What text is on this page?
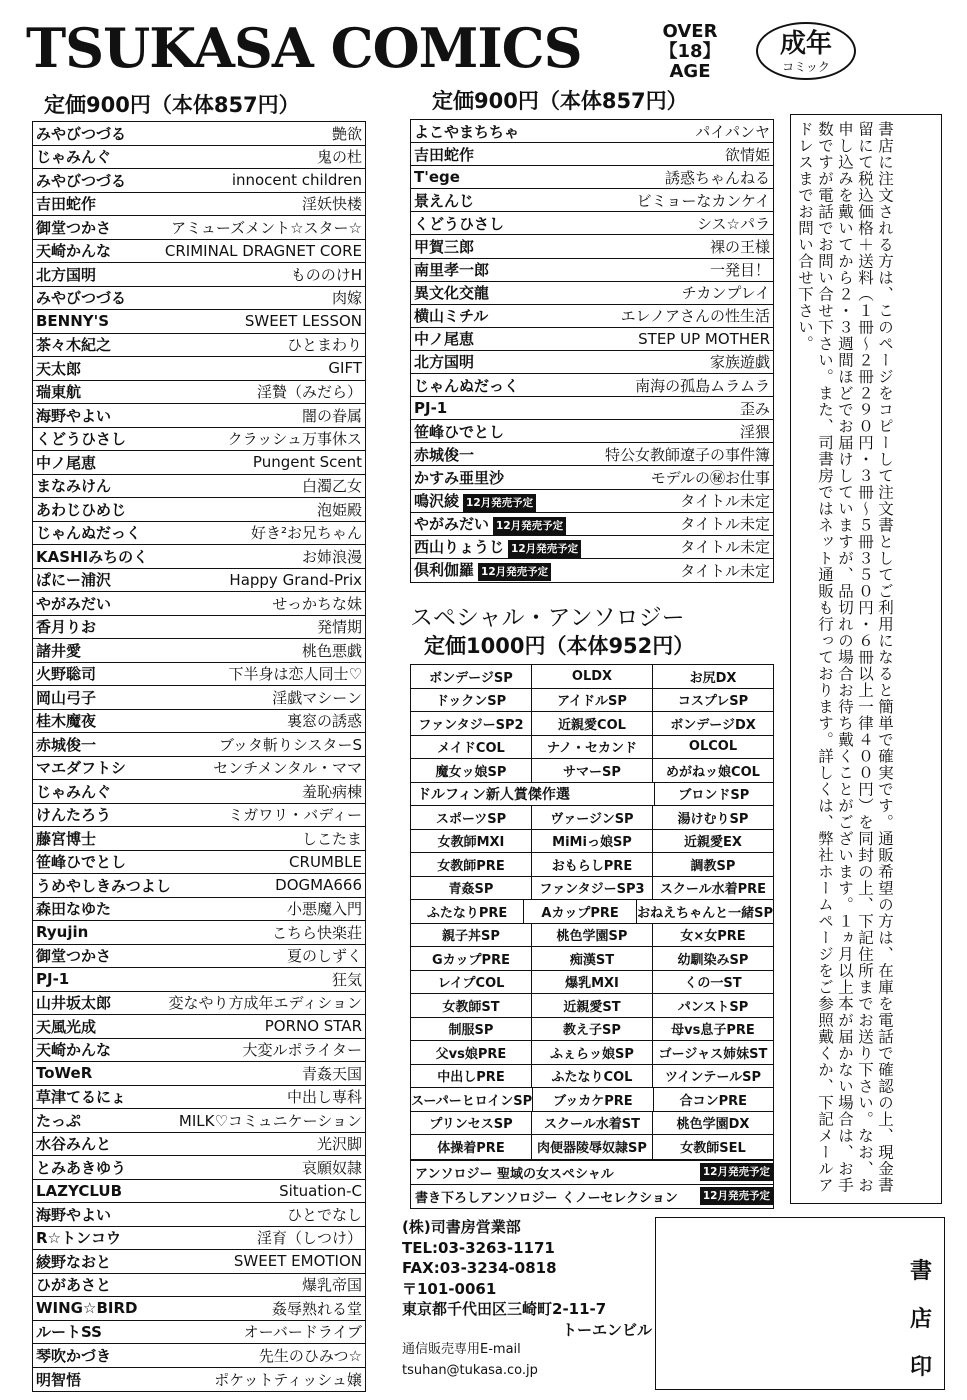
TSUKASA COMICS	OVER
【18】
AGE
成年
コミック
定価900円（本体857円）	定価900円（本体857円）
みやびつづる	艶欲
じゃみんぐ	鬼の杜
みやびつづる	innocent children
吉田蛇作	淫妖快楼
御堂つかさ	アミューズメント☆スター☆
天崎かんな	CRIMINAL DRAGNET CORE
北方国明	もののけH
みやびつづる	肉嫁
BENNY'S	SWEET LESSON
茶々木紀之	ひとまわり
天太郎	GIFT
瑞東航	淫贄（みだら）
海野やよい	闇の眷属
くどうひさし	クラッシュ万事休ス
中ノ尾恵	Pungent Scent
まなみけん	白濁乙女
あわじひめじ	泡姫殿
じゃんぬだっく	好き²お兄ちゃん
KASHIみちのく	お姉浪漫
ぱにー浦沢	Happy Grand-Prix
やがみだい	せっかちな妹
香月りお	発情期
諸井愛	桃色悪戯
火野聡司	下半身は恋人同士♡
岡山弓子	淫戯マシーン
桂木魔夜	裏窓の誘惑
赤城俊一	ブッタ斬りシスターS
マエダフトシ	センチメンタル・ママ
じゃみんぐ	羞恥病棟
けんたろう	ミガワリ・バディー
藤宮博士	しこたま
笹峰ひでとし	CRUMBLE
うめやしきみつよし	DOGMA666
森田なゆた	小悪魔入門
Ryujin	こちら快楽荘
御堂つかさ	夏のしずく
PJ-1	狂気
山井坂太郎	変なやり方成年エディション
天風光成	PORNO STAR
天崎かんな	大変ルポライター
ToWeR	青姦天国
草津てるにょ	中出し専科
たっぷ	MILK♡コミュニケーション
水谷みんと	光沢脚
とみあきゆう	哀願奴隷
LAZYCLUB	Situation-C
海野やよい	ひとでなし
R☆トンコウ	淫育（しつけ）
綾野なおと	SWEET EMOTION
ひがあさと	爆乳帝国
WING☆BIRD	姦辱熟れる堂
ルートSS	オーバードライブ
琴吹かづき	先生のひみつ☆
明智悟	ポケットティッシュ嬢
よこやまちちゃ	パイパンヤ
吉田蛇作	欲情姫
T'ege	誘惑ちゃんねる
景えんじ	ビミョーなカンケイ
くどうひさし	シス☆パラ
甲賀三郎	裸の王様
南里孝一郎	一発目！
異文化交龍	チカンプレイ
横山ミチル	エレノアさんの性生活
中ノ尾恵	STEP UP MOTHER
北方国明	家族遊戯
じゃんぬだっく	南海の孤島ムラムラ
PJ-1	歪み
笹峰ひでとし	淫猥
赤城俊一	特公女教師遼子の事件簿
かすみ亜里沙	モデルの㊙お仕事
鳴沢綾 12月発売予定	タイトル未定
やがみだい 12月発売予定	タイトル未定
西山りょうじ 12月発売予定	タイトル未定
倶利伽羅 12月発売予定	タイトル未定
スペシャル・アンソロジー
定価1000円（本体952円）
ボンデージSP	OLDX	お尻DX
ドックンSP	アイドルSP	コスプレSP
ファンタジーSP2	近親愛COL	ボンデージDX
メイドCOL	ナノ・セカンド	OLCOL
魔女ッ娘SP	サマーSP	めがねッ娘COL
ドルフィン新人賞傑作選	ブロンドSP
スポーツSP	ヴァージンSP	湯けむりSP
女教師MXI	MiMiっ娘SP	近親愛EX
女教師PRE	おもらしPRE	調教SP
青姦SP	ファンタジーSP3	スクール水着PRE
ふたなりPRE	AカップPRE	おねえちゃんと一緒SP
親子丼SP	桃色学園SP	女×女PRE
GカップPRE	痴漢ST	幼馴染みSP
レイプCOL	爆乳MXI	くの一ST
女教師ST	近親愛ST	パンストSP
制服SP	教え子SP	母vs息子PRE
父vs娘PRE	ふぇらッ娘SP	ゴージャス姉妹ST
中出しPRE	ふたなりCOL	ツインテールSP
スーパーヒロインSP	ブッカケPRE	合コンPRE
プリンセスSP	スクール水着ST	桃色学園DX
体操着PRE	肉便器陵辱奴隷SP	女教師SEL
アンソロジー 聖域の女スペシャル	12月発売予定
書き下ろしアンソロジー くノーセレクション	12月発売予定
(株)司書房営業部
TEL:03-3263-1171
FAX:03-3234-0818
〒101-0061
東京都千代田区三崎町2-11-7
トーエンビル
通信販売専用E-mail
tsuhan@tukasa.co.jp
書店印
書店に注文される方は、このページをコピーして注文書としてご利用になると簡単で確実です。通販希望の方は、在庫を電話で確認の上、現金書留にて税込価格＋送料（１冊〜２冊２９０円・３冊〜５冊３５０円・６冊以上一律４００円）を同封の上、下記住所までお送り下さい。なお、お申し込みを戴いてから２・３週間ほどでお届けしていますが、品切れの場合お待ち戴くことがございます。１ヵ月以上本が届かない場合は、お手数ですが電話でお問い合せ下さい。また、司書房ではネット通販も行っております。詳しくは、弊社ホームページをご参照戴くか、下記メールアドレスまでお問い合せ下さい。
